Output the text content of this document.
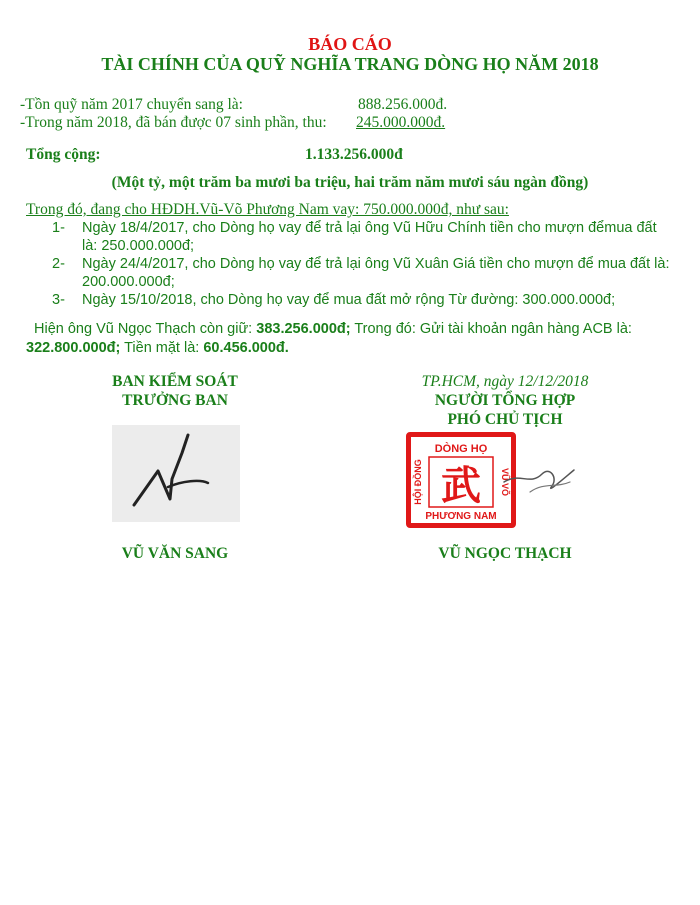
BÁO CÁO
TÀI CHÍNH CỦA QUỸ NGHĨA TRANG DÒNG HỌ NĂM 2018
-Tồn quỹ năm 2017 chuyển sang là:	888.256.000đ.
-Trong năm 2018, đã bán được 07 sinh phần, thu: 245.000.000đ.
Tổng cộng:	1.133.256.000đ
(Một tỷ, một trăm ba mươi ba triệu, hai trăm năm mươi sáu ngàn đồng)
Trong đó, đang cho HĐDH.Vũ-Võ Phương Nam vay: 750.000.000đ, như sau:
1- Ngày 18/4/2017, cho Dòng họ vay để trả lại ông Vũ Hữu Chính tiền cho mượn đểmua đất
là: 250.000.000đ;
2- Ngày 24/4/2017, cho Dòng họ vay để trả lại ông Vũ Xuân Giá tiền cho mượn để mua đất là:
200.000.000đ;
3- Ngày 15/10/2018, cho Dòng họ vay để mua đất mở rộng Từ đường: 300.000.000đ;
Hiện ông Vũ Ngọc Thạch còn giữ: 383.256.000đ; Trong đó: Gửi tài khoản ngân hàng ACB là:
322.800.000đ; Tiền mặt là: 60.456.000đ.
BAN KIỂM SOÁT
TRƯỞNG BAN
VŨ VĂN SANG
TP.HCM, ngày 12/12/2018
NGƯỜI TỔNG HỢP
PHÓ CHỦ TỊCH
DÒNG HỌ
PHƯƠNG NAM
HỘI ĐỒNG	VŨ VÕ
武
VŨ NGỌC THẠCH
